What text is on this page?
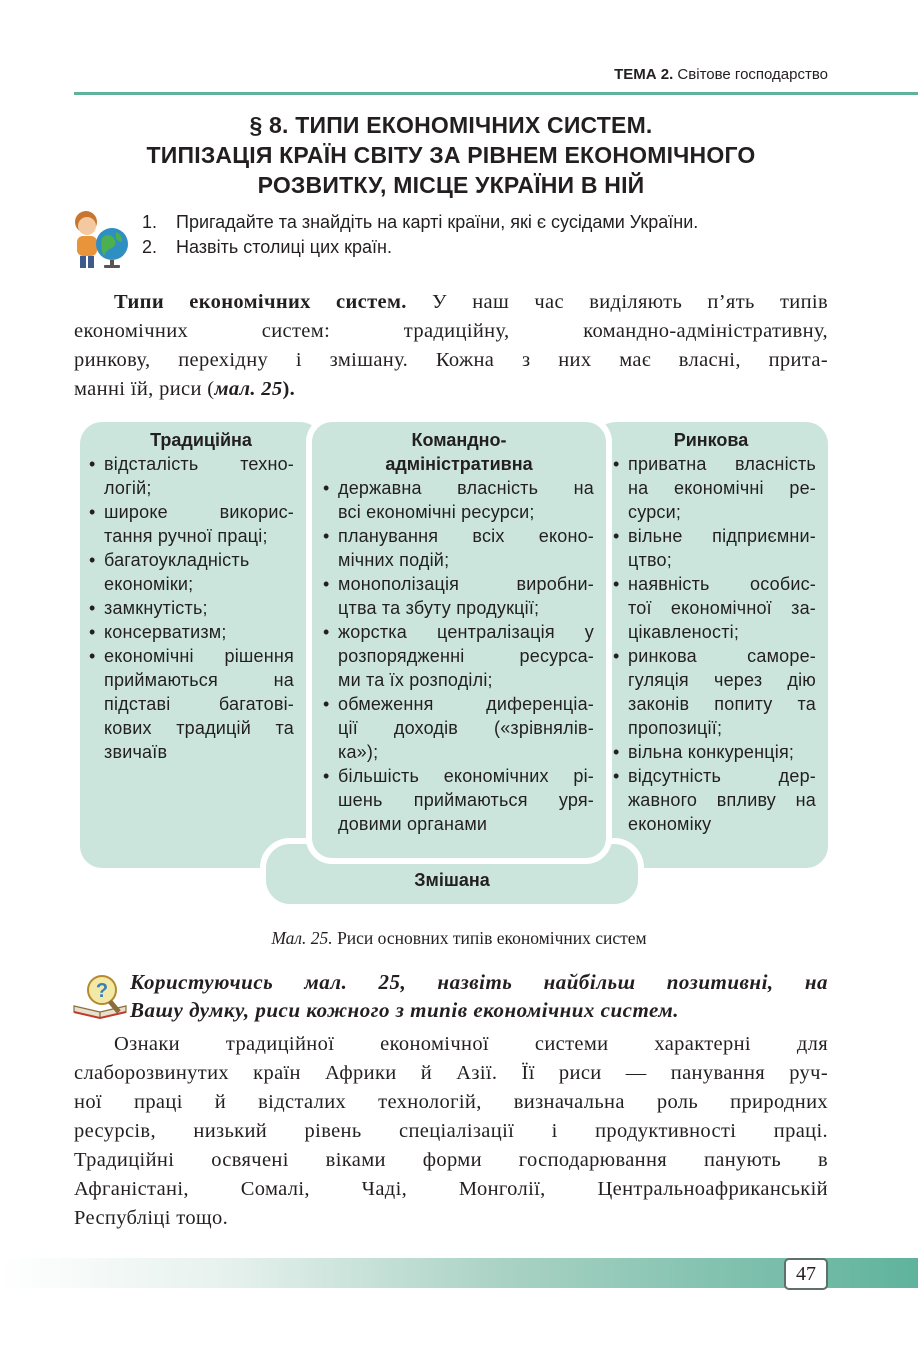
ТЕМА 2. Світове господарство
§ 8. ТИПИ ЕКОНОМІЧНИХ СИСТЕМ.
ТИПІЗАЦІЯ КРАЇН СВІТУ ЗА РІВНЕМ ЕКОНОМІЧНОГО
РОЗВИТКУ, МІСЦЕ УКРАЇНИ В НІЙ
1. Пригадайте та знайдіть на карті країни, які є сусідами України.
2. Назвіть столиці цих країн.
Типи економічних систем. У наш час виділяють п’ять типів
економічних систем: традиційну, командно-адміністративну,
ринкову, перехідну і змішану. Кожна з них має власні, прита-
манні їй, риси (мал. 25).
Традиційна
• відсталість техно-
логій;
• широке викорис-
тання ручної праці;
• багатоукладність
економіки;
• замкнутість;
• консерватизм;
• економічні рішення
приймаються на
підставі багатові-
кових традицій та
звичаїв
Ринкова
• приватна власність
на економічні ре-
сурси;
• вільне підприємни-
цтво;
• наявність особис-
тої економічної за-
цікавленості;
• ринкова саморе-
гуляція через дію
законів попиту та
пропозиції;
• вільна конкуренція;
• відсутність дер-
жавного впливу на
економіку
Командно-
адміністративна
• державна власність на
всі економічні ресурси;
• планування всіх еконо-
мічних подій;
• монополізація виробни-
цтва та збуту продукції;
• жорстка централізація у
розпорядженні ресурса-
ми та їх розподілі;
• обмеження диференціа-
ції доходів («зрівнялів-
ка»);
• більшість економічних рі-
шень приймаються уря-
довими органами
Змішана
Мал. 25. Риси основних типів економічних систем
? Користуючись мал. 25, назвіть найбільш позитивні, на
Вашу думку, риси кожного з типів економічних систем.
Ознаки традиційної економічної системи характерні для
слаборозвинутих країн Африки й Азії. Її риси — панування руч-
ної праці й відсталих технологій, визначальна роль природних
ресурсів, низький рівень спеціалізації і продуктивності праці.
Традиційні освячені віками форми господарювання панують в
Афганістані, Сомалі, Чаді, Монголії, Центральноафриканській
Республіці тощо.
47
